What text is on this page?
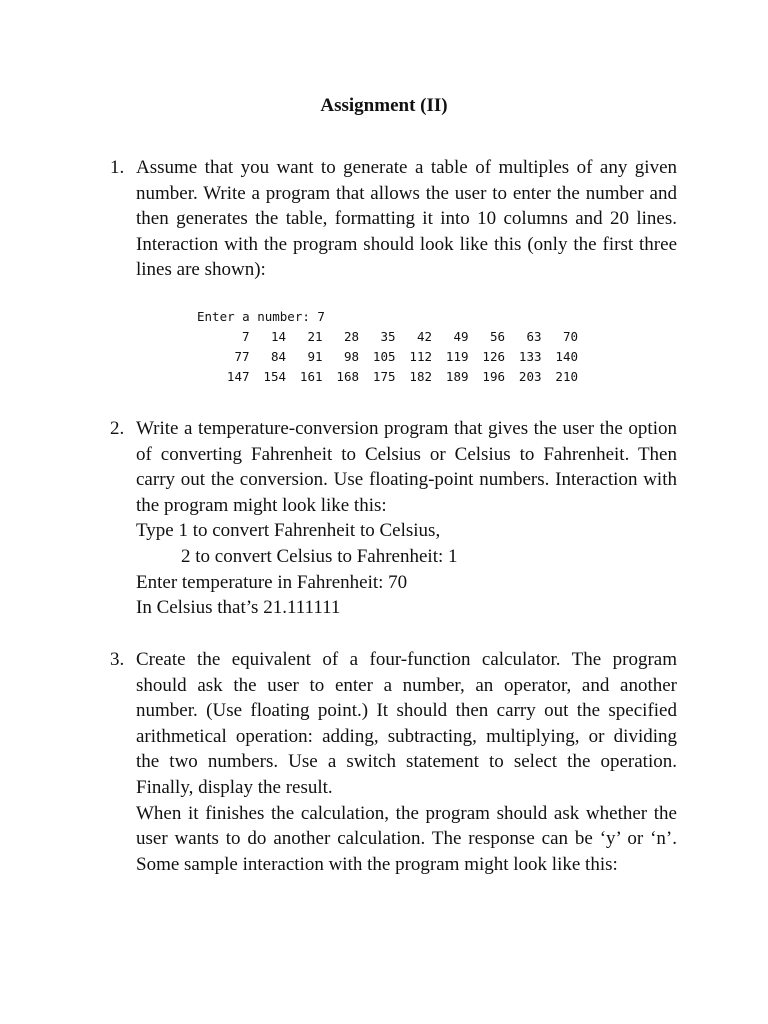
Assignment (II)
1. Assume that you want to generate a table of multiples of any given number. Write a program that allows the user to enter the number and then generates the table, formatting it into 10 columns and 20 lines. Interaction with the program should look like this (only the first three lines are shown):

Enter a number: 7
7	14	21	28	35	42	49	56	63	70
77	84	91	98	105	112	119	126	133	140
147	154	161	168	175	182	189	196	203	210
2. Write a temperature-conversion program that gives the user the option of converting Fahrenheit to Celsius or Celsius to Fahrenheit. Then carry out the conversion. Use floating-point numbers. Interaction with the program might look like this:

Type 1 to convert Fahrenheit to Celsius,
2 to convert Celsius to Fahrenheit: 1
Enter temperature in Fahrenheit: 70
In Celsius that’s 21.111111
3. Create the equivalent of a four-function calculator. The program should ask the user to enter a number, an operator, and another number. (Use floating point.) It should then carry out the specified arithmetical operation: adding, subtracting, multiplying, or dividing the two numbers. Use a switch statement to select the operation. Finally, display the result.

When it finishes the calculation, the program should ask whether the user wants to do another calculation. The response can be ‘y’ or ‘n’. Some sample interaction with the program might look like this:
